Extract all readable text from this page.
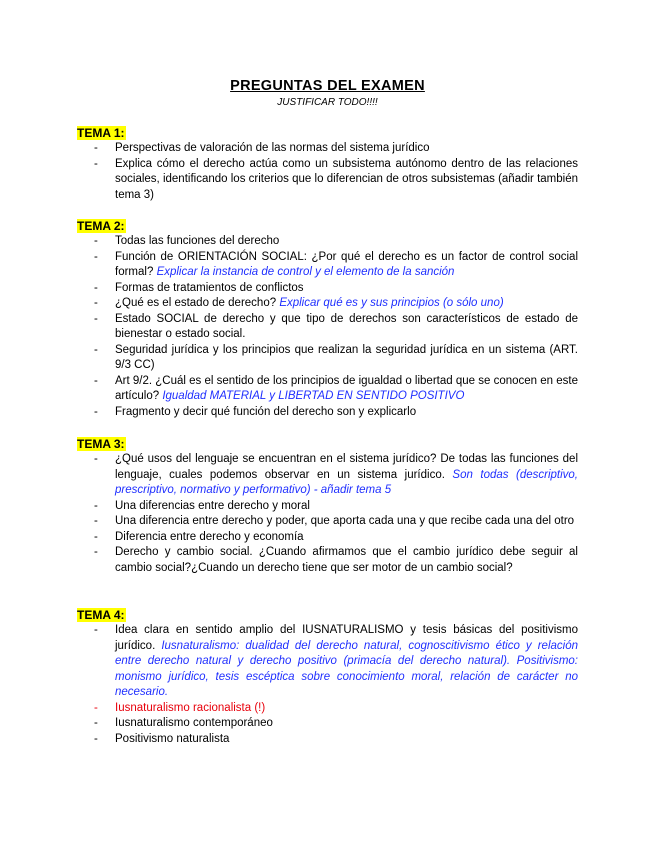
PREGUNTAS DEL EXAMEN
JUSTIFICAR TODO!!!!
TEMA 1:
- Perspectivas de valoración de las normas del sistema jurídico
- Explica cómo el derecho actúa como un subsistema autónomo dentro de las relaciones sociales, identificando los criterios que lo diferencian de otros subsistemas (añadir también tema 3)
TEMA 2:
- Todas las funciones del derecho
- Función de ORIENTACIÓN SOCIAL: ¿Por qué el derecho es un factor de control social formal? Explicar la instancia de control y el elemento de la sanción
- Formas de tratamientos de conflictos
- ¿Qué es el estado de derecho? Explicar qué es y sus principios (o sólo uno)
- Estado SOCIAL de derecho y que tipo de derechos son característicos de estado de bienestar o estado social.
- Seguridad jurídica y los principios que realizan la seguridad jurídica en un sistema (ART. 9/3 CC)
- Art 9/2. ¿Cuál es el sentido de los principios de igualdad o libertad que se conocen en este artículo? Igualdad MATERIAL y LIBERTAD EN SENTIDO POSITIVO
- Fragmento y decir qué función del derecho son y explicarlo
TEMA 3:
- ¿Qué usos del lenguaje se encuentran en el sistema jurídico? De todas las funciones del lenguaje, cuales podemos observar en un sistema jurídico. Son todas (descriptivo, prescriptivo, normativo y performativo) - añadir tema 5
- Una diferencias entre derecho y moral
- Una diferencia entre derecho y poder, que aporta cada una y que recibe cada una del otro
- Diferencia entre derecho y economía
- Derecho y cambio social. ¿Cuando afirmamos que el cambio jurídico debe seguir al cambio social?¿Cuando un derecho tiene que ser motor de un cambio social?
TEMA 4:
- Idea clara en sentido amplio del IUSNATURALISMO y tesis básicas del positivismo jurídico. Iusnaturalismo: dualidad del derecho natural, cognoscitivismo ético y relación entre derecho natural y derecho positivo (primacía del derecho natural). Positivismo: monismo jurídico, tesis escéptica sobre conocimiento moral, relación de carácter no necesario.
- Iusnaturalismo racionalista (!)
- Iusnaturalismo contemporáneo
- Positivismo naturalista
